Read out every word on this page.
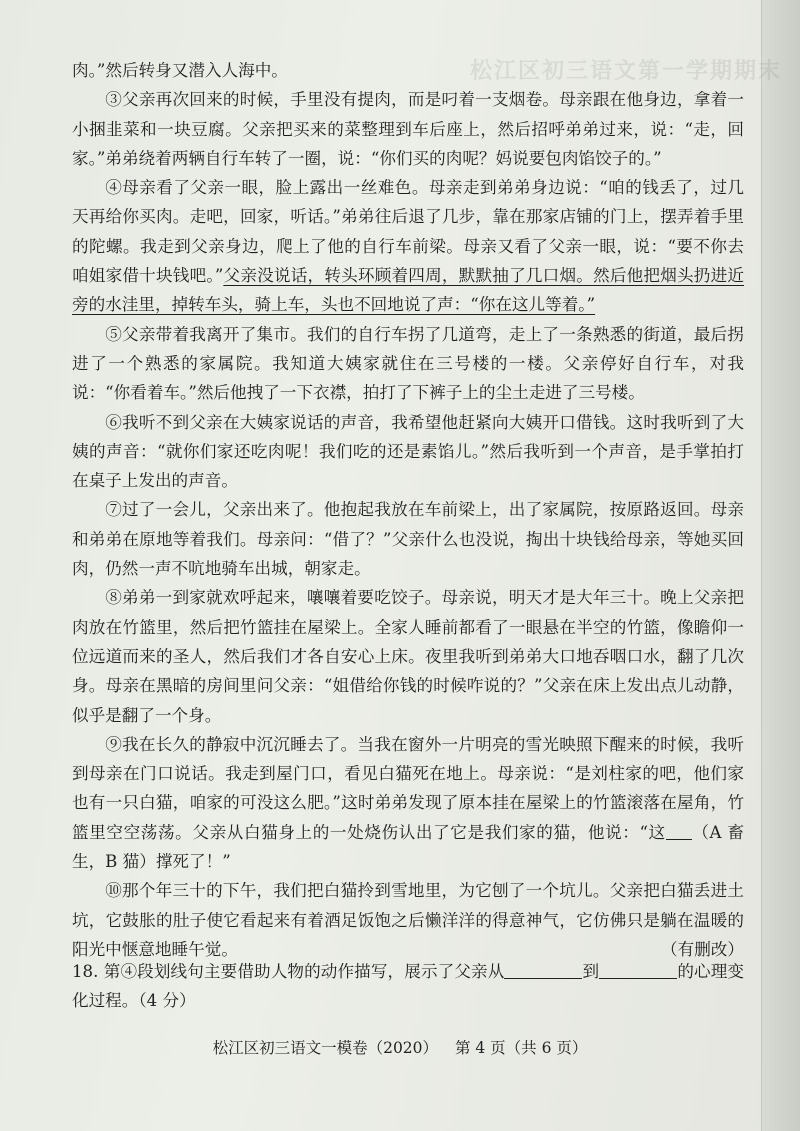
松江区初三语文第一学期期末

肉。”然后转身又潜入人海中。

③父亲再次回来的时候，手里没有提肉，而是叼着一支烟卷。母亲跟在他身边，拿着一小捆韭菜和一块豆腐。父亲把买来的菜整理到车后座上，然后招呼弟弟过来，说：“走，回家。”弟弟绕着两辆自行车转了一圈，说：“你们买的肉呢？妈说要包肉馅饺子的。”

④母亲看了父亲一眼，脸上露出一丝难色。母亲走到弟弟身边说：“咱的钱丢了，过几天再给你买肉。走吧，回家，听话。”弟弟往后退了几步，靠在那家店铺的门上，摆弄着手里的陀螺。我走到父亲身边，爬上了他的自行车前梁。母亲又看了父亲一眼，说：“要不你去咱姐家借十块钱吧。”父亲没说话，转头环顾着四周，默默抽了几口烟。然后他把烟头扔进近旁的水洼里，掉转车头，骑上车，头也不回地说了声：“你在这儿等着。”

⑤父亲带着我离开了集市。我们的自行车拐了几道弯，走上了一条熟悉的街道，最后拐进了一个熟悉的家属院。我知道大姨家就住在三号楼的一楼。父亲停好自行车，对我说：“你看着车。”然后他拽了一下衣襟，拍打了下裤子上的尘土走进了三号楼。

⑥我听不到父亲在大姨家说话的声音，我希望他赶紧向大姨开口借钱。这时我听到了大姨的声音：“就你们家还吃肉呢！我们吃的还是素馅儿。”然后我听到一个声音，是手掌拍打在桌子上发出的声音。

⑦过了一会儿，父亲出来了。他抱起我放在车前梁上，出了家属院，按原路返回。母亲和弟弟在原地等着我们。母亲问：“借了？”父亲什么也没说，掏出十块钱给母亲，等她买回肉，仍然一声不吭地骑车出城，朝家走。

⑧弟弟一到家就欢呼起来，嚷嚷着要吃饺子。母亲说，明天才是大年三十。晚上父亲把肉放在竹篮里，然后把竹篮挂在屋梁上。全家人睡前都看了一眼悬在半空的竹篮，像瞻仰一位远道而来的圣人，然后我们才各自安心上床。夜里我听到弟弟大口地吞咽口水，翻了几次身。母亲在黑暗的房间里问父亲：“姐借给你钱的时候咋说的？”父亲在床上发出点儿动静，似乎是翻了一个身。

⑨我在长久的静寂中沉沉睡去了。当我在窗外一片明亮的雪光映照下醒来的时候，我听到母亲在门口说话。我走到屋门口，看见白猫死在地上。母亲说：“是刘柱家的吧，他们家也有一只白猫，咱家的可没这么肥。”这时弟弟发现了原本挂在屋梁上的竹篮滚落在屋角，竹篮里空空荡荡。父亲从白猫身上的一处烧伤认出了它是我们家的猫，他说：“这 （A 畜生，B 猫）撑死了！”

⑩那个年三十的下午，我们把白猫拎到雪地里，为它刨了一个坑儿。父亲把白猫丢进土坑，它鼓胀的肚子使它看起来有着酒足饭饱之后懒洋洋的得意神气，它仿佛只是躺在温暖的阳光中惬意地睡午觉。	（有删改）

18. 第④段划线句主要借助人物的动作描写，展示了父亲从	到	的心理变化过程。（4 分）
松江区初三语文一模卷（2020） 第 4 页（共 6 页）
